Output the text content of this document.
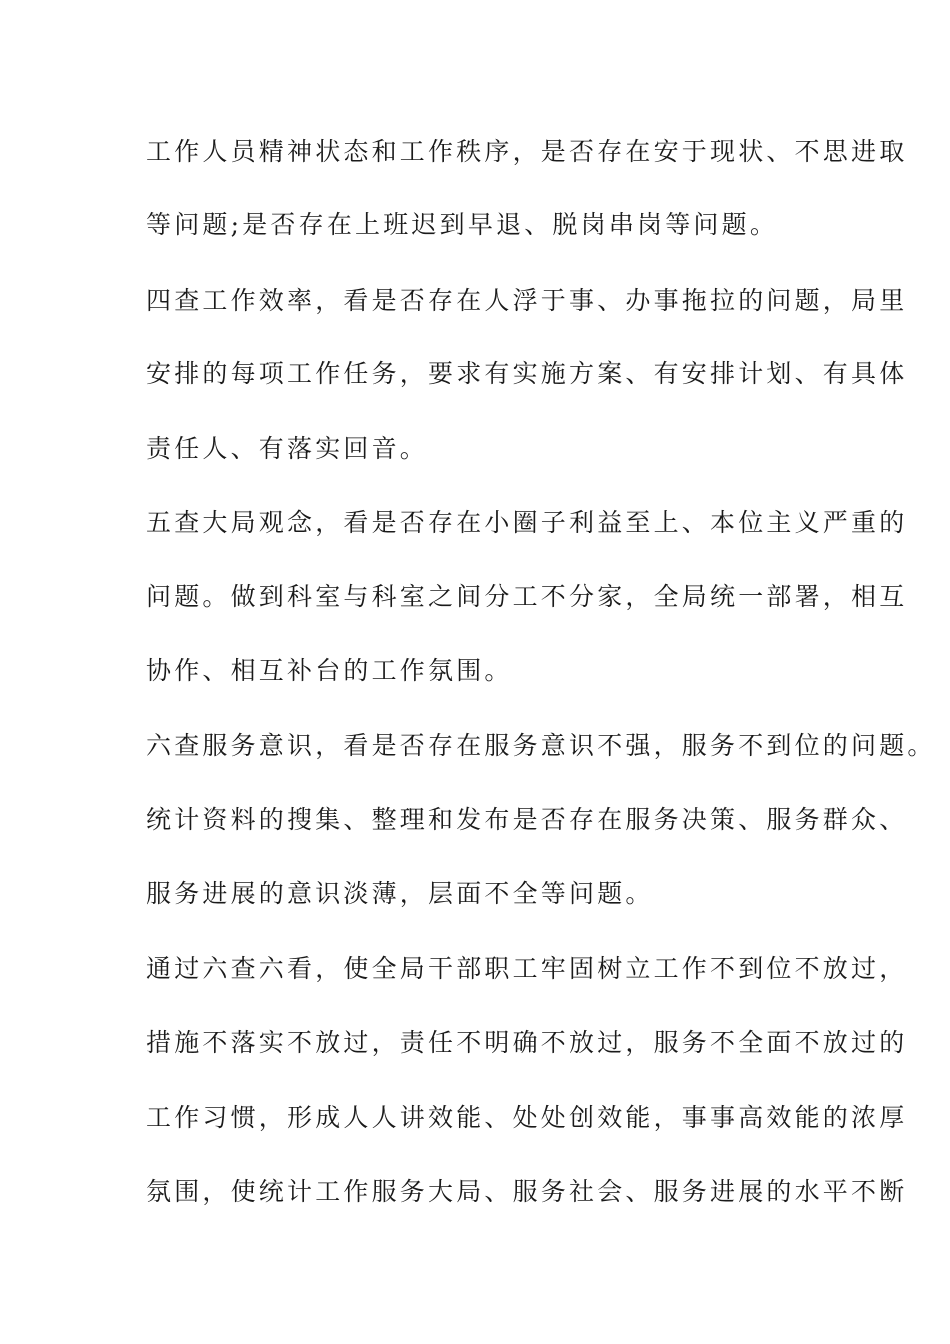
工作人员精神状态和工作秩序，是否存在安于现状、不思进取
等问题;是否存在上班迟到早退、脱岗串岗等问题。
四查工作效率，看是否存在人浮于事、办事拖拉的问题，局里
安排的每项工作任务，要求有实施方案、有安排计划、有具体
责任人、有落实回音。
五查大局观念，看是否存在小圈子利益至上、本位主义严重的
问题。做到科室与科室之间分工不分家，全局统一部署，相互
协作、相互补台的工作氛围。
六查服务意识，看是否存在服务意识不强，服务不到位的问题。
统计资料的搜集、整理和发布是否存在服务决策、服务群众、
服务进展的意识淡薄，层面不全等问题。
通过六查六看，使全局干部职工牢固树立工作不到位不放过，
措施不落实不放过，责任不明确不放过，服务不全面不放过的
工作习惯，形成人人讲效能、处处创效能，事事高效能的浓厚
氛围，使统计工作服务大局、服务社会、服务进展的水平不断
